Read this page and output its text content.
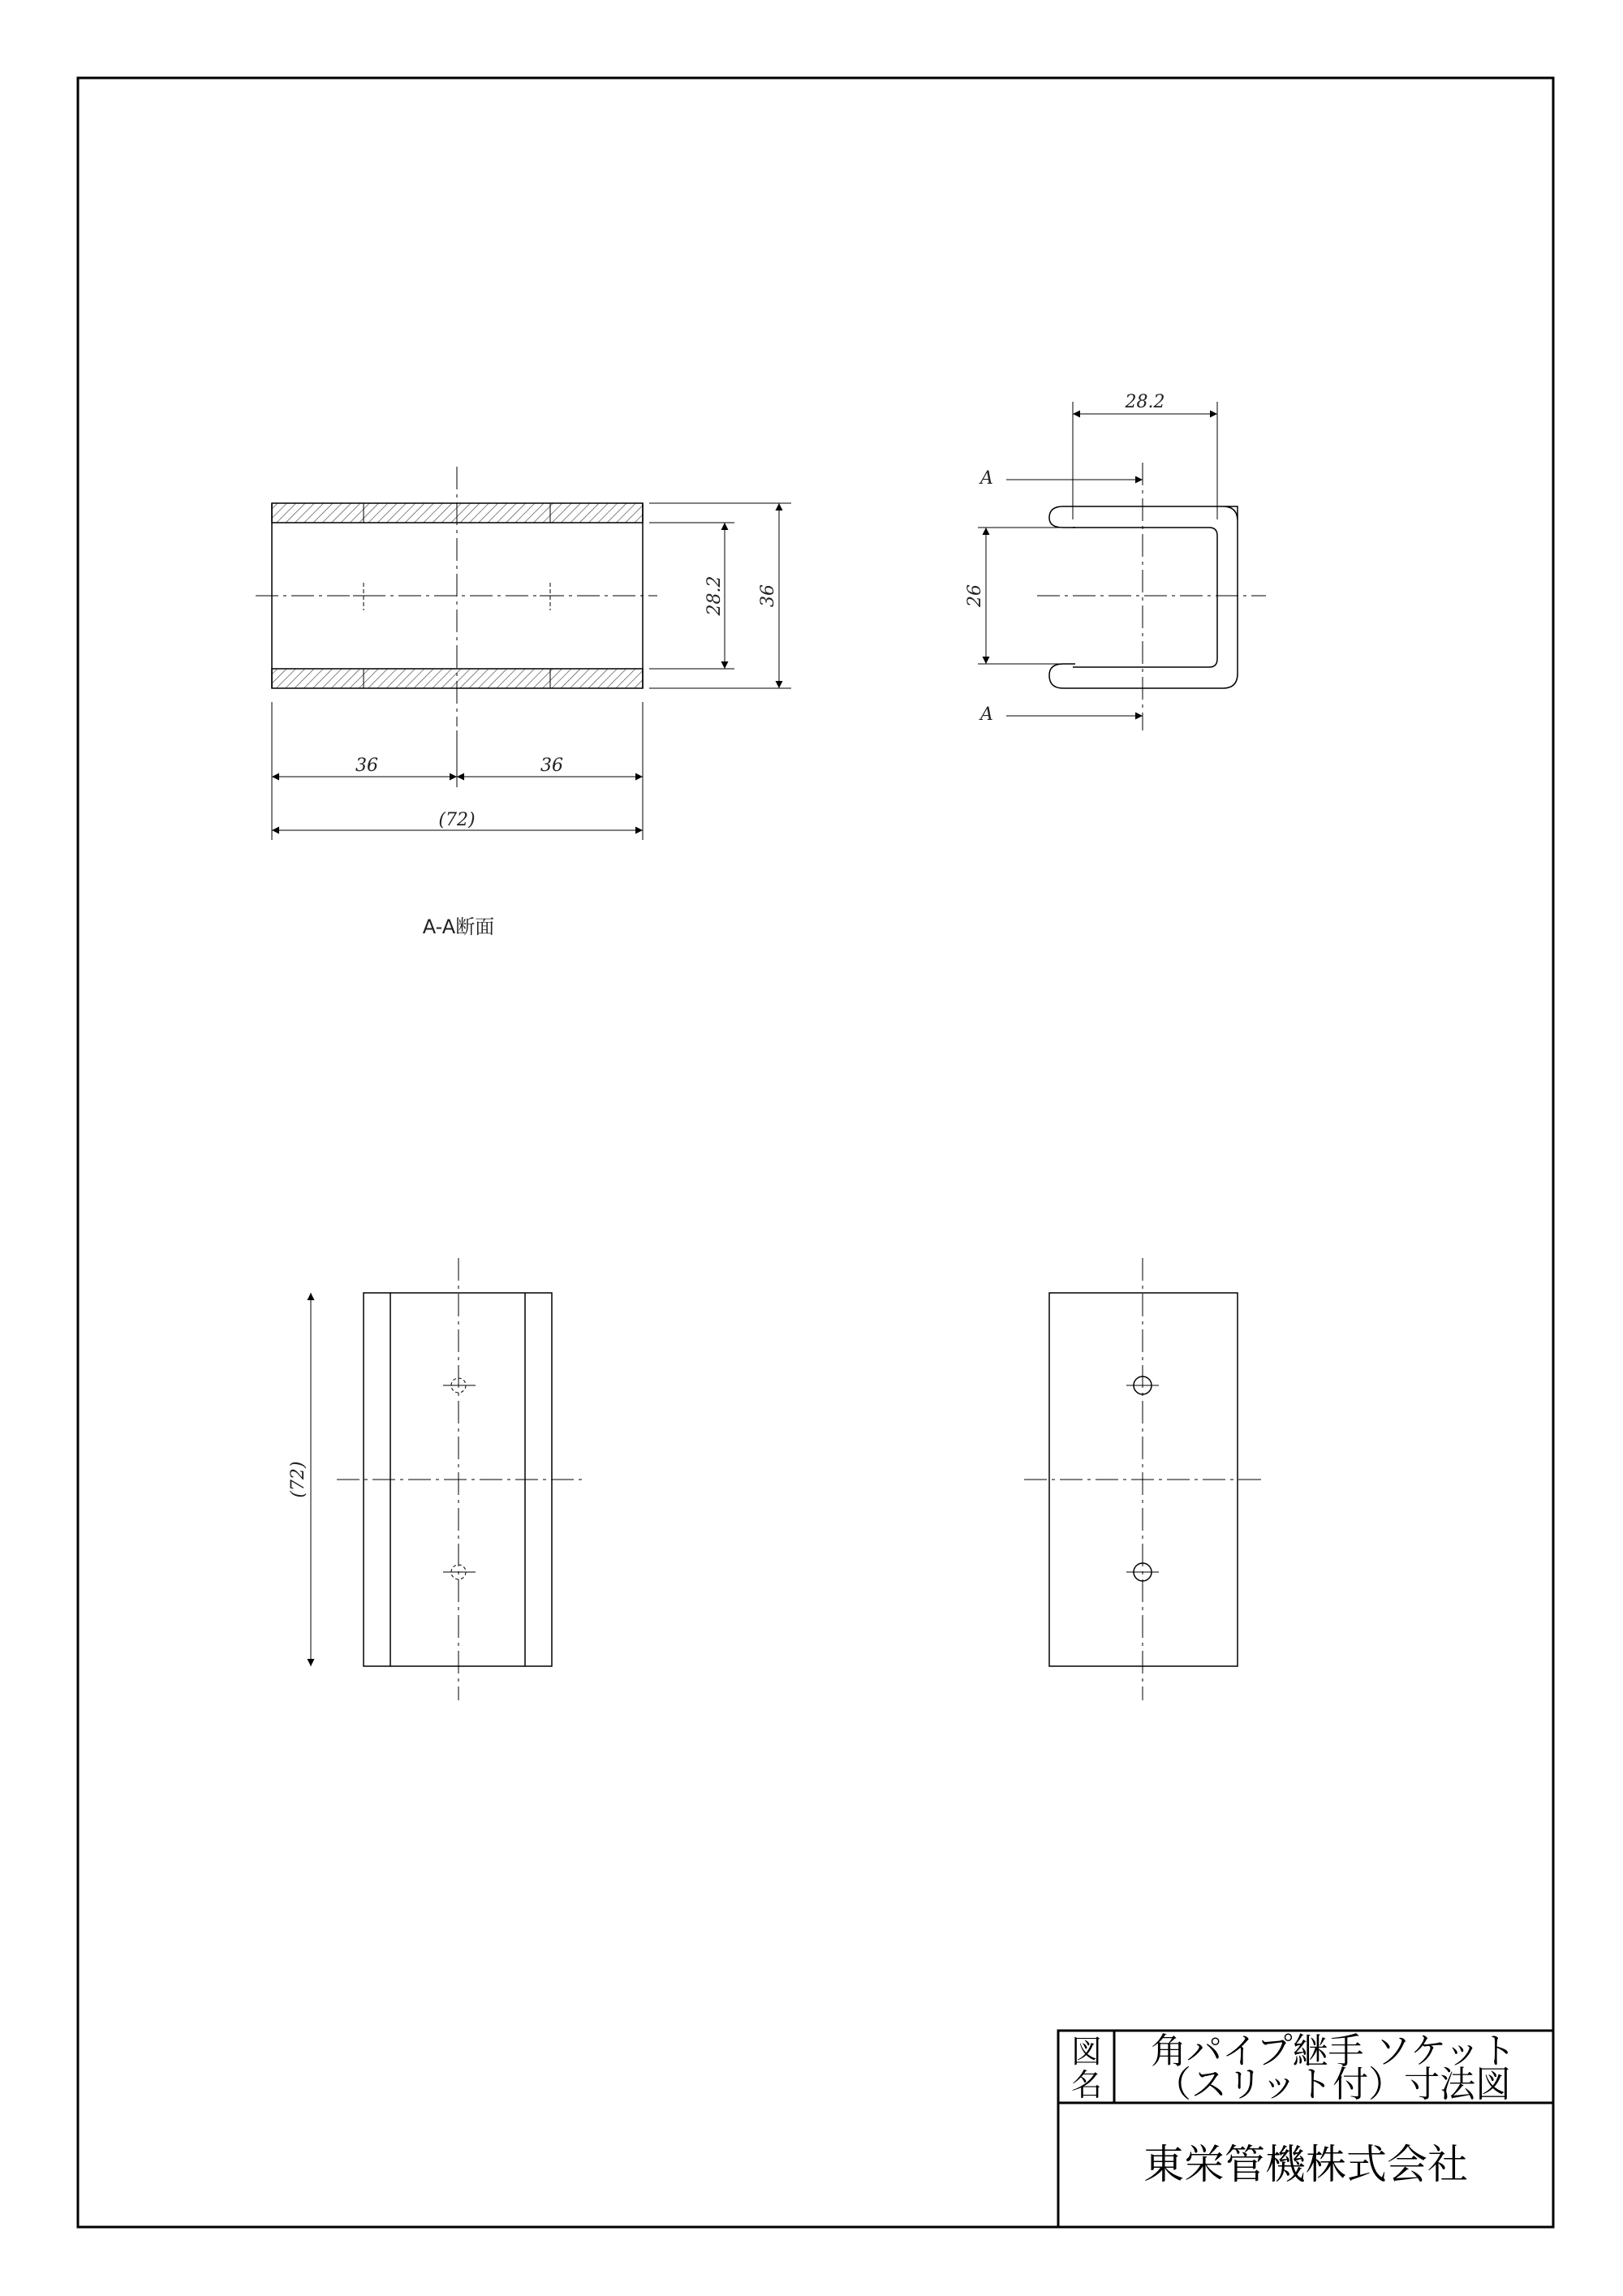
36	36
(72)
28.2 36
A-A断面
28.2
26
A
A
(72)
図
名
角パイプ継手 ソケット
（スリット付）寸法図
東栄管機株式会社
